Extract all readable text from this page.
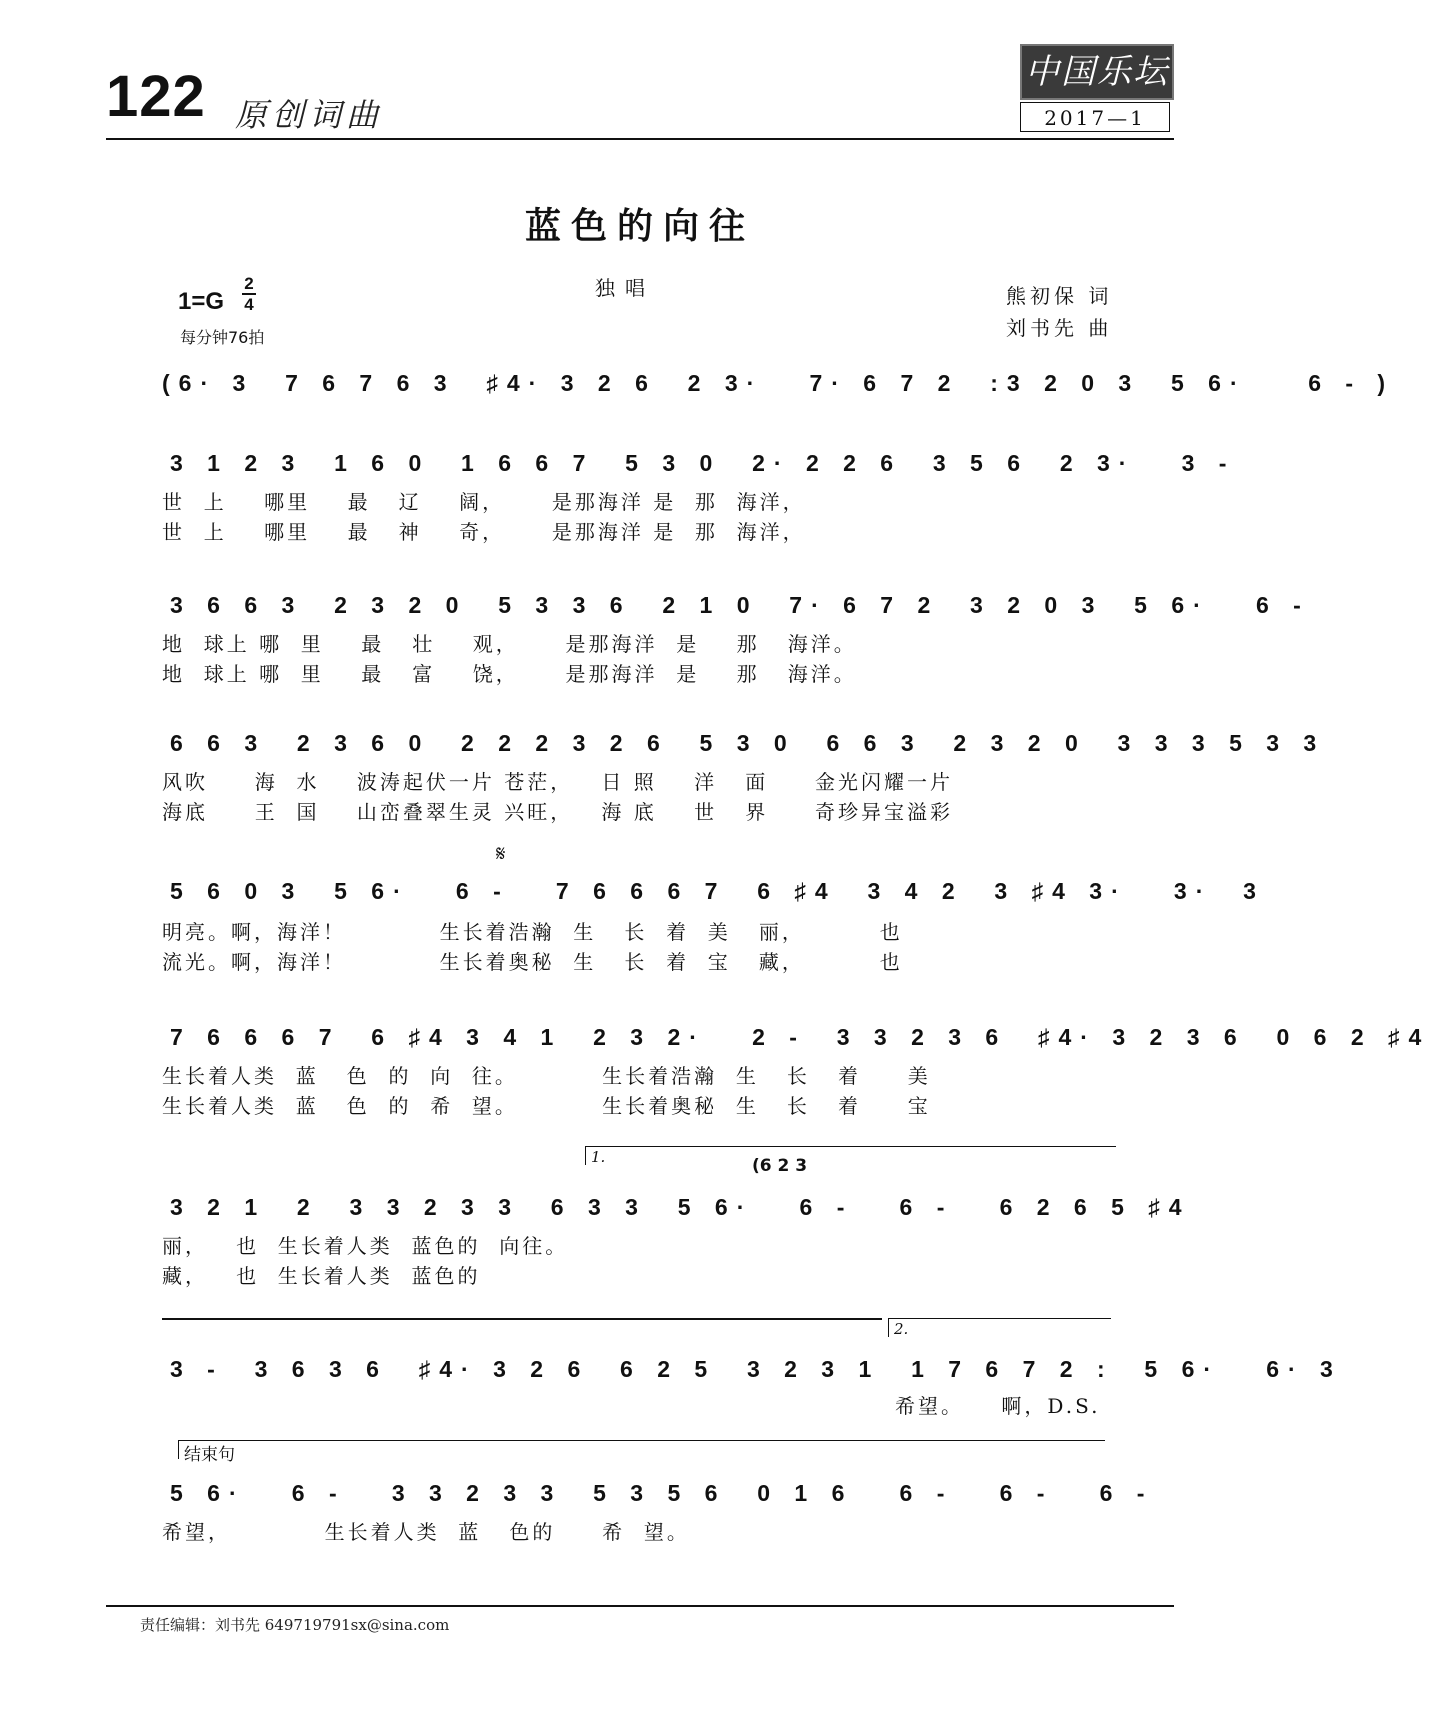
122 原创词曲
中国乐坛
2017—1
蓝色的向往
独唱	熊初保 词
刘书先 曲
1=G
2
4
每分钟76拍
(6· 3  7 6 7 6 3  ♯4· 3 2 6  2 3·   7· 6 7 2  :3 2 0 3  5 6·    6 - )
3 1 2 3  1 6 0  1 6 6 7  5 3 0  2· 2 2 6  3 5 6  2 3·   3 -
世  上    哪里    最   辽    阔，     是那海洋 是  那  海洋，
世  上    哪里    最   神    奇，     是那海洋 是  那  海洋，
3 6 6 3  2 3 2 0  5 3 3 6  2 1 0  7· 6 7 2  3 2 0 3  5 6·   6 -
地  球上 哪  里    最   壮    观，     是那海洋  是    那   海洋。
地  球上 哪  里    最   富    饶，     是那海洋  是    那   海洋。
6 6 3  2 3 6 0  2 2 2 3 2 6  5 3 0  6 6 3  2 3 2 0  3 3 3 5 3 3
风吹     海  水    波涛起伏一片 苍茫，   日 照    洋   面     金光闪耀一片
海底     王  国    山峦叠翠生灵 兴旺，   海 底    世   界     奇珍异宝溢彩
𝄋
5 6 0 3  5 6·   6 -   7 6 6 6 7  6 ♯4  3 4 2  3 ♯4 3·   3·  3
明亮。啊，海洋！          生长着浩瀚  生   长  着  美   丽，        也
流光。啊，海洋！          生长着奥秘  生   长  着  宝   藏，        也
7 6 6 6 7  6 ♯4 3 4 1  2 3 2·   2 -  3 3 2 3 6  ♯4· 3 2 3 6  0 6 2 ♯4
生长着人类  蓝   色  的  向  往。         生长着浩瀚  生   长   着     美
生长着人类  蓝   色  的  希  望。         生长着奥秘  生   长   着     宝
1.	(6 2 3
3 2 1  2  3 3 2 3 3  6 3 3  5 6·   6 -   6 -   6 2 6 5 ♯4
丽，   也  生长着人类  蓝色的  向往。
藏，   也  生长着人类  蓝色的
2.
3 -  3 6 3 6  ♯4· 3 2 6  6 2 5  3 2 3 1  1 7 6 7 2 :  5 6·   6· 3
希望。    啊，D.S.
结束句
5 6·   6 -   3 3 2 3 3  5 3 5 6  0 1 6   6 -   6 -   6 -
希望，          生长着人类  蓝   色的     希  望。
责任编辑：刘书先 649719791sx@sina.com
